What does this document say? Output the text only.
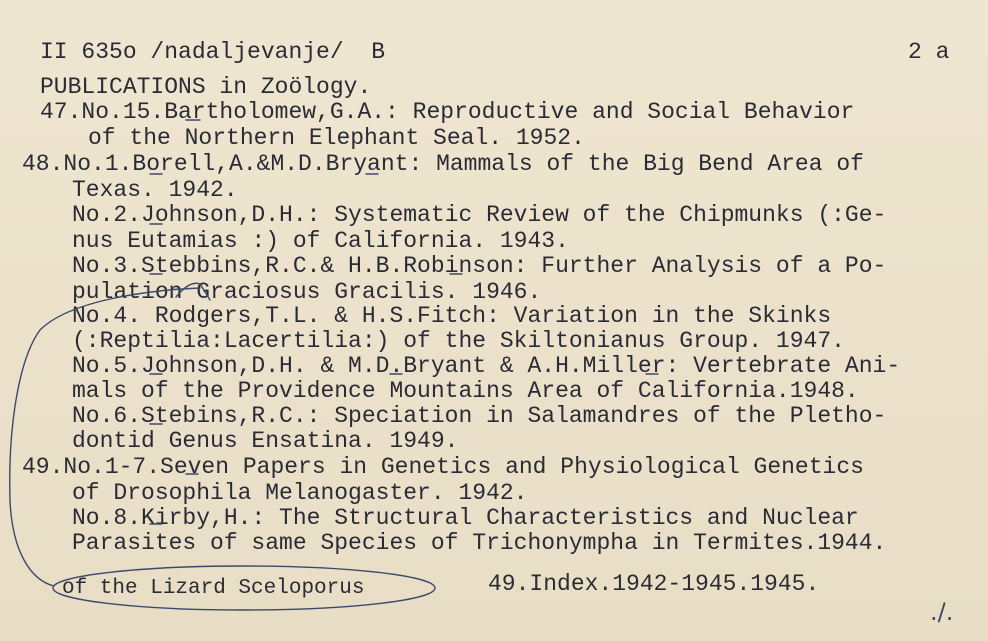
II 635o /nadaljevanje/  B	2 a
PUBLICATIONS in Zoölogy.
47.No.15.Bartholomew,G.A.: Reproductive and Social Behavior
of the Northern Elephant Seal. 1952.
48.No.1.Borell,A.&M.D.Bryant: Mammals of the Big Bend Area of
Texas. 1942.
No.2.Johnson,D.H.: Systematic Review of the Chipmunks (:Ge-
nus Eutamias :) of California. 1943.
No.3.Stebbins,R.C.& H.B.Robinson: Further Analysis of a Po-
pulation Graciosus Gracilis. 1946.
No.4. Rodgers,T.L. & H.S.Fitch: Variation in the Skinks
(:Reptilia:Lacertilia:) of the Skiltonianus Group. 1947.
No.5.Johnson,D.H. & M.D.Bryant & A.H.Miller: Vertebrate Ani-
mals of the Providence Mountains Area of California.1948.
No.6.Stebins,R.C.: Speciation in Salamandres of the Pletho-
dontid Genus Ensatina. 1949.
49.No.1-7.Seven Papers in Genetics and Physiological Genetics
of Drosophila Melanogaster. 1942.
No.8.Kirby,H.: The Structural Characteristics and Nuclear
Parasites of same Species of Trichonympha in Termites.1944.
of the Lizard Sceloporus	49.Index.1942-1945.1945.
./.
